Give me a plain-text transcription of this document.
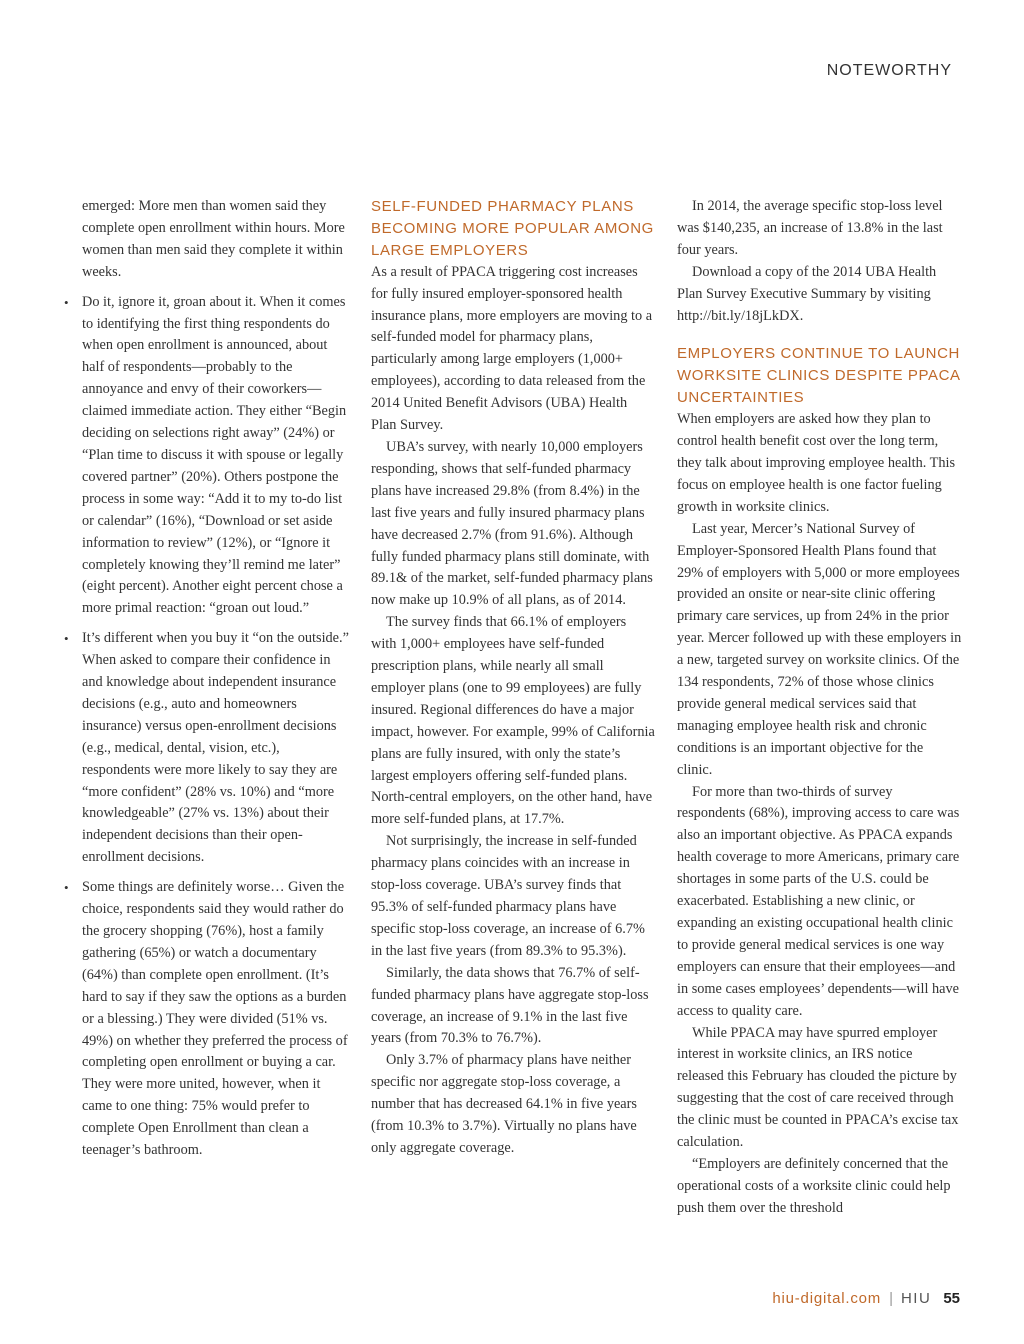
NOTEWORTHY

emerged: More men than women said they complete open enrollment within hours. More women than men said they complete it within weeks.

• Do it, ignore it, groan about it. When it comes to identifying the first thing respondents do when open enrollment is announced, about half of respondents—probably to the annoyance and envy of their coworkers—claimed immediate action. They either “Begin deciding on selections right away” (24%) or “Plan time to discuss it with spouse or legally covered partner” (20%). Others postpone the process in some way: “Add it to my to-do list or calendar” (16%), “Download or set aside information to review” (12%), or “Ignore it completely knowing they’ll remind me later” (eight percent). Another eight percent chose a more primal reaction: “groan out loud.”
• It’s different when you buy it “on the outside.” When asked to compare their confidence in and knowledge about independent insurance decisions (e.g., auto and homeowners insurance) versus open-enrollment decisions (e.g., medical, dental, vision, etc.), respondents were more likely to say they are “more confident” (28% vs. 10%) and “more knowledgeable” (27% vs. 13%) about their independent decisions than their open-enrollment decisions.
• Some things are definitely worse… Given the choice, respondents said they would rather do the grocery shopping (76%), host a family gathering (65%) or watch a documentary (64%) than complete open enrollment. (It’s hard to say if they saw the options as a burden or a blessing.) They were divided (51% vs. 49%) on whether they preferred the process of completing open enrollment or buying a car. They were more united, however, when it came to one thing: 75% would prefer to complete Open Enrollment than clean a teenager’s bathroom.
SELF-FUNDED PHARMACY PLANS BECOMING MORE POPULAR AMONG LARGE EMPLOYERS

As a result of PPACA triggering cost increases for fully insured employer-sponsored health insurance plans, more employers are moving to a self-funded model for pharmacy plans, particularly among large employers (1,000+ employees), according to data released from the 2014 United Benefit Advisors (UBA) Health Plan Survey.

UBA’s survey, with nearly 10,000 employers responding, shows that self-funded pharmacy plans have increased 29.8% (from 8.4%) in the last five years and fully insured pharmacy plans have decreased 2.7% (from 91.6%). Although fully funded pharmacy plans still dominate, with 89.1& of the market, self-funded pharmacy plans now make up 10.9% of all plans, as of 2014.

The survey finds that 66.1% of employers with 1,000+ employees have self-funded prescription plans, while nearly all small employer plans (one to 99 employees) are fully insured. Regional differences do have a major impact, however. For example, 99% of California plans are fully insured, with only the state’s largest employers offering self-funded plans. North-central employers, on the other hand, have more self-funded plans, at 17.7%.

Not surprisingly, the increase in self-funded pharmacy plans coincides with an increase in stop-loss coverage. UBA’s survey finds that 95.3% of self-funded pharmacy plans have specific stop-loss coverage, an increase of 6.7% in the last five years (from 89.3% to 95.3%).

Similarly, the data shows that 76.7% of self-funded pharmacy plans have aggregate stop-loss coverage, an increase of 9.1% in the last five years (from 70.3% to 76.7%).

Only 3.7% of pharmacy plans have neither specific nor aggregate stop-loss coverage, a number that has decreased 64.1% in five years (from 10.3% to 3.7%). Virtually no plans have only aggregate coverage.

In 2014, the average specific stop-loss level was $140,235, an increase of 13.8% in the last four years.

Download a copy of the 2014 UBA Health Plan Survey Executive Summary by visiting http://bit.ly/18jLkDX.

EMPLOYERS CONTINUE TO LAUNCH WORKSITE CLINICS DESPITE PPACA UNCERTAINTIES

When employers are asked how they plan to control health benefit cost over the long term, they talk about improving employee health. This focus on employee health is one factor fueling growth in worksite clinics.

Last year, Mercer’s National Survey of Employer-Sponsored Health Plans found that 29% of employers with 5,000 or more employees provided an onsite or near-site clinic offering primary care services, up from 24% in the prior year. Mercer followed up with these employers in a new, targeted survey on worksite clinics. Of the 134 respondents, 72% of those whose clinics provide general medical services said that managing employee health risk and chronic conditions is an important objective for the clinic.

For more than two-thirds of survey respondents (68%), improving access to care was also an important objective. As PPACA expands health coverage to more Americans, primary care shortages in some parts of the U.S. could be exacerbated. Establishing a new clinic, or expanding an existing occupational health clinic to provide general medical services is one way employers can ensure that their employees—and in some cases employees’ dependents—will have access to quality care.

While PPACA may have spurred employer interest in worksite clinics, an IRS notice released this February has clouded the picture by suggesting that the cost of care received through the clinic must be counted in PPACA’s excise tax calculation.

“Employers are definitely concerned that the operational costs of a worksite clinic could help push them over the threshold

hiu-digital.com | HIU 55
